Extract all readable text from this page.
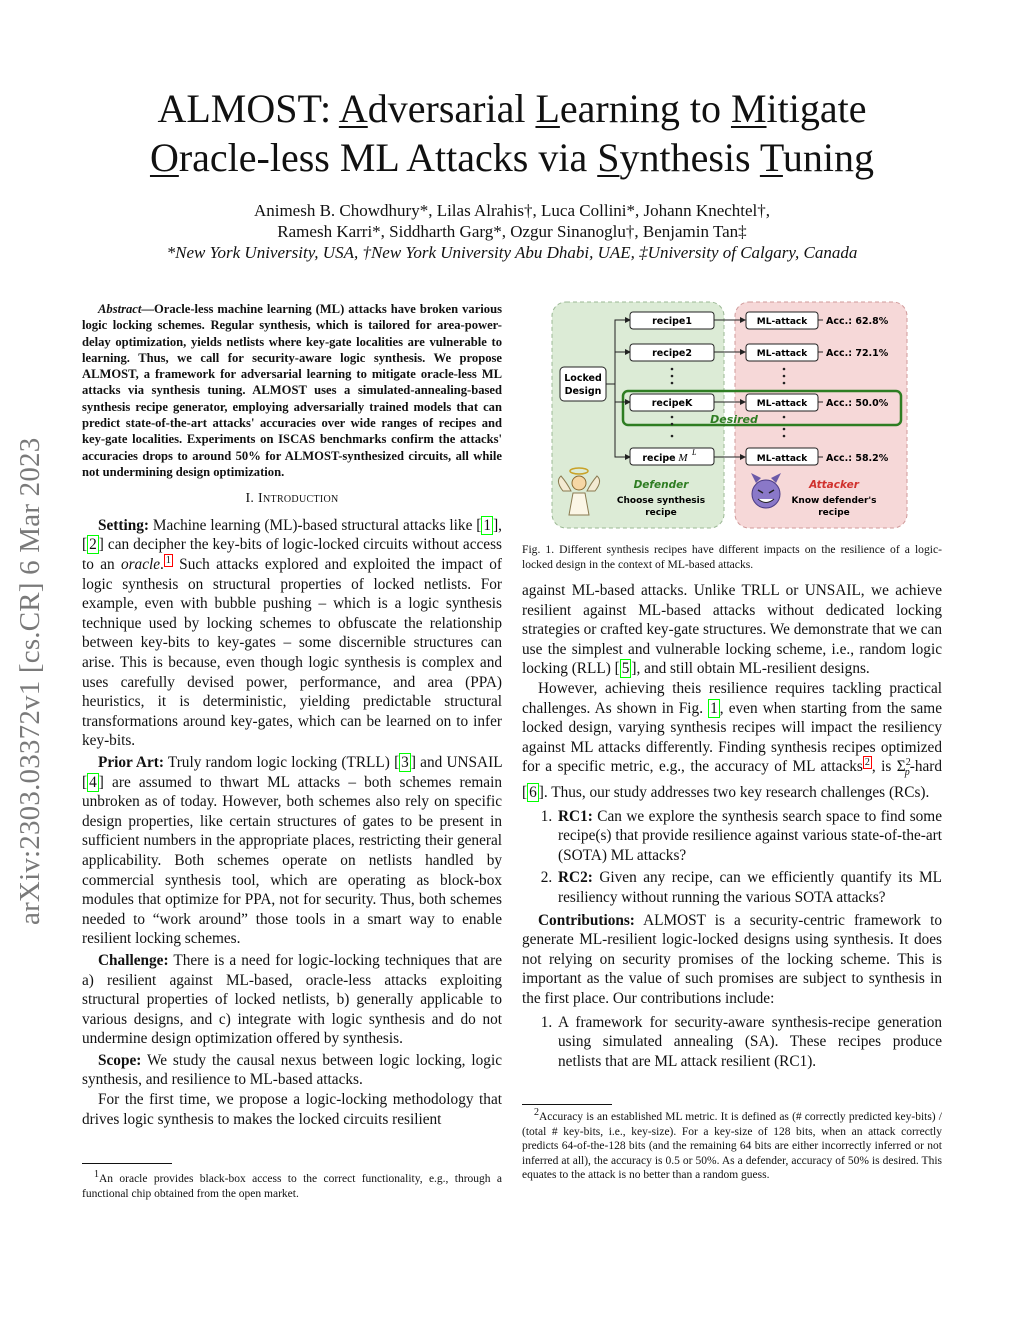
arXiv:2303.03372v1 [cs.CR] 6 Mar 2023
ALMOST: Adversarial Learning to Mitigate
Oracle-less ML Attacks via Synthesis Tuning
Animesh B. Chowdhury*, Lilas Alrahis†, Luca Collini*, Johann Knechtel†,
Ramesh Karri*, Siddharth Garg*, Ozgur Sinanoglu†, Benjamin Tan‡
*New York University, USA, †New York University Abu Dhabi, UAE, ‡University of Calgary, Canada

Abstract—Oracle-less machine learning (ML) attacks have broken various logic locking schemes. Regular synthesis, which is tailored for area-power-delay optimization, yields netlists where key-gate localities are vulnerable to learning. Thus, we call for security-aware logic synthesis. We propose ALMOST, a framework for adversarial learning to mitigate oracle-less ML attacks via synthesis tuning. ALMOST uses a simulated-annealing-based synthesis recipe generator, employing adversarially trained models that can predict state-of-the-art attacks' accuracies over wide ranges of recipes and key-gate localities. Experiments on ISCAS benchmarks confirm the attacks' accuracies drops to around 50% for ALMOST-synthesized circuits, all while not undermining design optimization.

I. Introduction

Setting: Machine learning (ML)-based structural attacks like [ 1 ], [ 2 ] can decipher the key-bits of logic-locked circuits without access to an oracle. $^1$ Such attacks explored and exploited the impact of logic synthesis on structural properties of locked netlists. For example, even with bubble pushing – which is a logic synthesis technique used by locking schemes to obfuscate the relationship between key-bits to key-gates – some discernible structures can arise. This is because, even though logic synthesis is complex and uses carefully devised power, performance, and area (PPA) heuristics, it is deterministic, yielding predictable structural transformations around key-gates, which can be learned on to infer key-bits.

Prior Art: Truly random logic locking (TRLL) [ 3 ] and UNSAIL [ 4 ] are assumed to thwart ML attacks – both schemes remain unbroken as of today. However, both schemes also rely on specific design properties, like certain structures of gates to be present in sufficient numbers in the appropriate places, restricting their general applicability. Both schemes operate on netlists handled by commercial synthesis tool, which are operating as block-box modules that optimize for PPA, not for security. Thus, both schemes needed to “work around” those tools in a smart way to enable resilient locking schemes.

Challenge: There is a need for logic-locking techniques that are a) resilient against ML-based, oracle-less attacks exploiting structural properties of locked netlists, b) generally applicable to various designs, and c) integrate with logic synthesis and do not undermine design optimization offered by synthesis.

Scope: We study the causal nexus between logic locking, logic synthesis, and resilience to ML-based attacks.

For the first time, we propose a logic-locking methodology that drives logic synthesis to makes the locked circuits resilient

$^1$An oracle provides black-box access to the correct functionality, e.g., through a functional chip obtained from the open market.
Locked
Design
recipe1
recipe2
recipeK
recipe M L
ML-attack
ML-attack
ML-attack
ML-attack
Acc.: 62.8%
Acc.: 72.1%
Acc.: 50.0%
Acc.: 58.2%
Desired
Defender
Choose synthesis
recipe
Attacker
Know defender's
recipe
Fig. 1. Different synthesis recipes have different impacts on the resilience of a logic-locked design in the context of ML-based attacks.

against ML-based attacks. Unlike TRLL or UNSAIL, we achieve resilient against ML-based attacks without dedicated locking strategies or crafted key-gate structures. We demonstrate that we can use the simplest and vulnerable locking scheme, i.e., random logic locking (RLL) [ 5 ], and still obtain ML-resilient designs.

However, achieving theis resilience requires tackling practical challenges. As shown in Fig. 1 , even when starting from the same locked design, varying synthesis recipes will impact the resiliency against ML attacks differently. Finding synthesis recipes optimized for a specific metric, e.g., the accuracy of ML attacks $^2$ , is $\Sigma^2_p$-hard [ 6 ]. Thus, our study addresses two key research challenges (RCs).

1. RC1: Can we explore the synthesis search space to find some recipe(s) that provide resilience against various state-of-the-art (SOTA) ML attacks?
2. RC2: Given any recipe, can we efficiently quantify its ML resiliency without running the various SOTA attacks?

Contributions: ALMOST is a security-centric framework to generate ML-resilient logic-locked designs using synthesis. It does not relying on security promises of the locking scheme. This is important as the value of such promises are subject to synthesis in the first place. Our contributions include:

1. A framework for security-aware synthesis-recipe generation using simulated annealing (SA). These recipes produce netlists that are ML attack resilient (RC1).
$^2$Accuracy is an established ML metric. It is defined as (# correctly predicted key-bits) / (total # key-bits, i.e., key-size). For a key-size of 128 bits, when an attack correctly predicts 64-of-the-128 bits (and the remaining 64 bits are either incorrectly inferred or not inferred at all), the accuracy is 0.5 or 50%. As a defender, accuracy of 50% is desired. This equates to the attack is no better than a random guess.
